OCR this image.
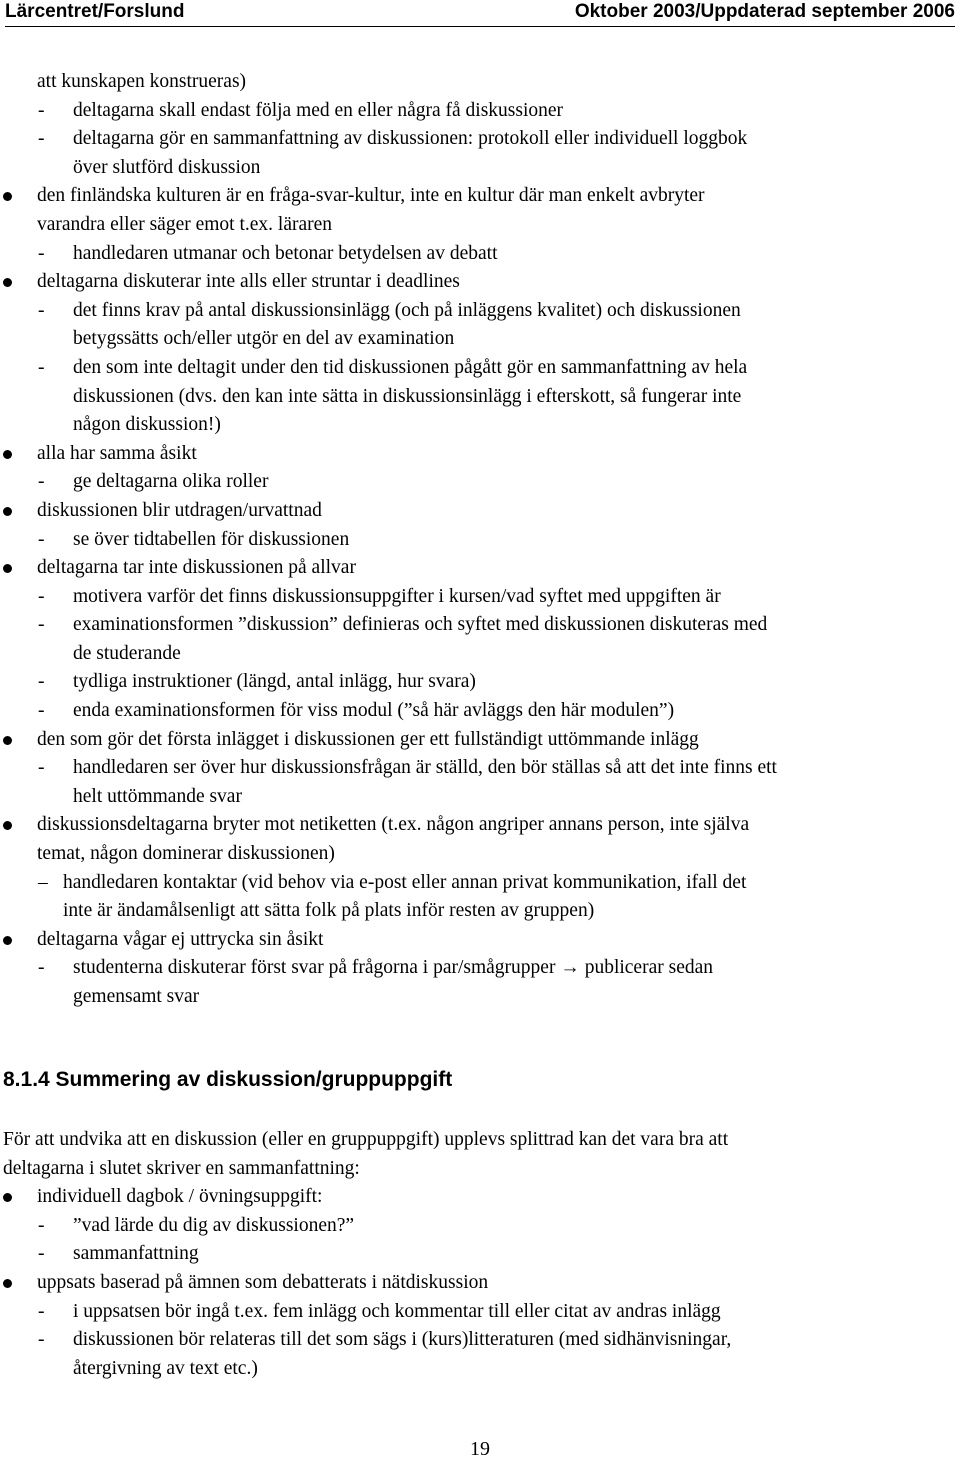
Lärcentret/Forslund	Oktober 2003/Uppdaterad september 2006
att kunskapen konstrueras)
- deltagarna skall endast följa med en eller några få diskussioner
- deltagarna gör en sammanfattning av diskussionen: protokoll eller individuell loggbok
över slutförd diskussion
den finländska kulturen är en fråga-svar-kultur, inte en kultur där man enkelt avbryter
varandra eller säger emot t.ex. läraren
- handledaren utmanar och betonar betydelsen av debatt
deltagarna diskuterar inte alls eller struntar i deadlines
- det finns krav på antal diskussionsinlägg (och på inläggens kvalitet) och diskussionen
betygssätts och/eller utgör en del av examination
- den som inte deltagit under den tid diskussionen pågått gör en sammanfattning av hela
diskussionen (dvs. den kan inte sätta in diskussionsinlägg i efterskott, så fungerar inte
någon diskussion!)
alla har samma åsikt
- ge deltagarna olika roller
diskussionen blir utdragen/urvattnad
- se över tidtabellen för diskussionen
deltagarna tar inte diskussionen på allvar
- motivera varför det finns diskussionsuppgifter i kursen/vad syftet med uppgiften är
- examinationsformen ”diskussion” definieras och syftet med diskussionen diskuteras med
de studerande
- tydliga instruktioner (längd, antal inlägg, hur svara)
- enda examinationsformen för viss modul (”så här avläggs den här modulen”)
den som gör det första inlägget i diskussionen ger ett fullständigt uttömmande inlägg
- handledaren ser över hur diskussionsfrågan är ställd, den bör ställas så att det inte finns ett
helt uttömmande svar
diskussionsdeltagarna bryter mot netiketten (t.ex. någon angriper annans person, inte själva
temat, någon dominerar diskussionen)
– handledaren kontaktar (vid behov via e-post eller annan privat kommunikation, ifall det
inte är ändamålsenligt att sätta folk på plats inför resten av gruppen)
deltagarna vågar ej uttrycka sin åsikt
- studenterna diskuterar först svar på frågorna i par/smågrupper → publicerar sedan
gemensamt svar
8.1.4 Summering av diskussion/gruppuppgift
För att undvika att en diskussion (eller en gruppuppgift) upplevs splittrad kan det vara bra att
deltagarna i slutet skriver en sammanfattning:
individuell dagbok / övningsuppgift:
- ”vad lärde du dig av diskussionen?”
- sammanfattning
uppsats baserad på ämnen som debatterats i nätdiskussion
- i uppsatsen bör ingå t.ex. fem inlägg och kommentar till eller citat av andras inlägg
- diskussionen bör relateras till det som sägs i (kurs)litteraturen (med sidhänvisningar,
återgivning av text etc.)
19
